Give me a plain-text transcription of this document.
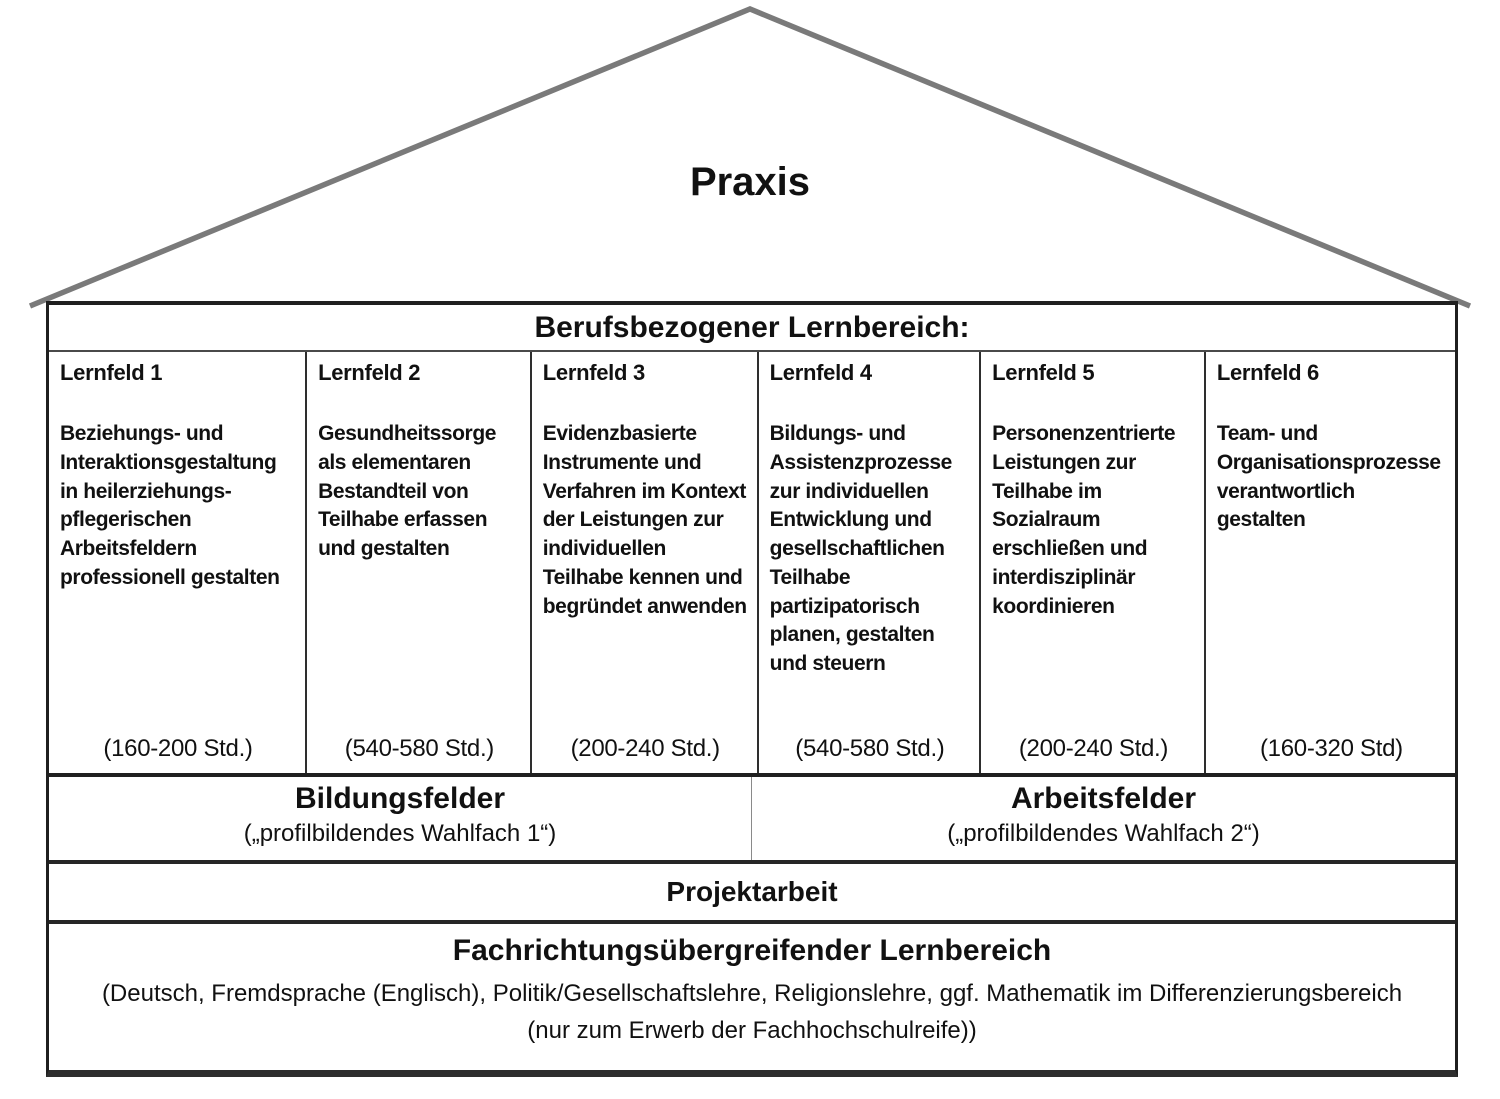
Praxis
Berufsbezogener Lernbereich:
Lernfeld 1
Beziehungs- und Interaktionsgestaltung in heilerziehungs- pflegerischen Arbeitsfeldern professionell gestalten
(160-200 Std.)
Lernfeld 2
Gesundheitssorge als elementaren Bestandteil von Teilhabe erfassen und gestalten
(540-580 Std.)
Lernfeld 3
Evidenzbasierte Instrumente und Verfahren im Kontext der Leistungen zur individuellen Teilhabe kennen und begründet anwenden
(200-240 Std.)
Lernfeld 4
Bildungs- und Assistenzprozesse zur individuellen Entwicklung und gesellschaftlichen Teilhabe partizipatorisch planen, gestalten und steuern
(540-580 Std.)
Lernfeld 5
Personenzentrierte Leistungen zur Teilhabe im Sozialraum erschließen und interdisziplinär koordinieren
(200-240 Std.)
Lernfeld 6
Team- und Organisationsprozesse verantwortlich gestalten
(160-320 Std)
Bildungsfelder
(„profilbildendes Wahlfach 1“)
Arbeitsfelder
(„profilbildendes Wahlfach 2“)
Projektarbeit
Fachrichtungsübergreifender Lernbereich
(Deutsch, Fremdsprache (Englisch), Politik/Gesellschaftslehre, Religionslehre, ggf. Mathematik im Differenzierungsbereich (nur zum Erwerb der Fachhochschulreife))
